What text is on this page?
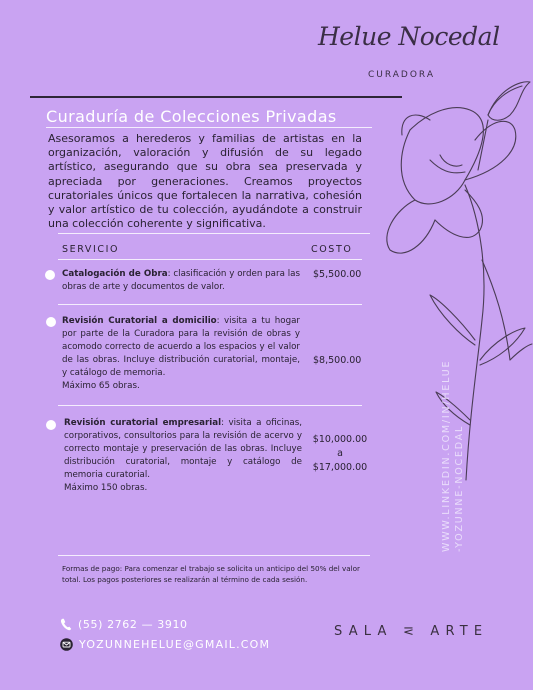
Helue Nocedal
CURADORA
Curaduría de Colecciones Privadas

Asesoramos a herederos y familias de artistas en la organización, valoración y difusión de su legado artístico, asegurando que su obra sea preservada y apreciada por generaciones. Creamos proyectos curatoriales únicos que fortalecen la narrativa, cohesión y valor artístico de tu colección, ayudándote a construir una colección coherente y significativa.

SERVICIO	COSTO

Catalogación de Obra: clasificación y orden para las obras de arte y documentos de valor.

$5,500.00

Revisión Curatorial a domicilio: visita a tu hogar por parte de la Curadora para la revisión de obras y acomodo correcto de acuerdo a los espacios y el valor de las obras. Incluye distribución curatorial, montaje, y catálogo de memoria.
Máximo 65 obras.

$8,500.00

Revisión curatorial empresarial: visita a oficinas, corporativos, consultorios para la revisión de acervo y correcto montaje y preservación de las obras. Incluye distribución curatorial, montaje y catálogo de memoria curatorial.
Máximo 150 obras.

$10,000.00
a
$17,000.00

Formas de pago: Para comenzar el trabajo se solicita un anticipo del 50% del valor total. Los pagos posteriores se realizarán al término de cada sesión.

(55) 2762 — 3910
YOZUNNEHELUE@GMAIL.COM
SALA ⋜ ARTE
WWW.LINKEDIN.COM/IN/HELUE -YOZUNNE-NOCEDAL
